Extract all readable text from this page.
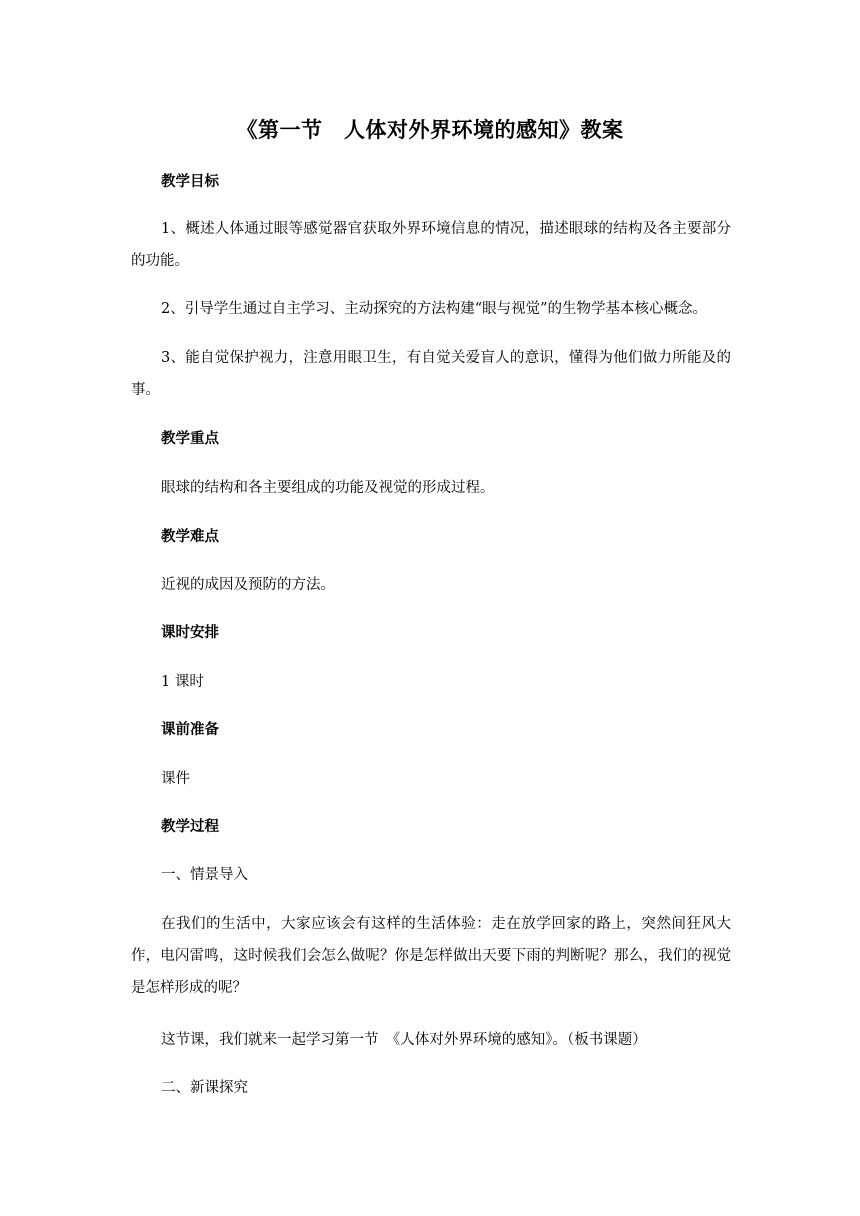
《第一节　人体对外界环境的感知》教案
教学目标
1、概述人体通过眼等感觉器官获取外界环境信息的情况，描述眼球的结构及各主要部分的功能。
2、引导学生通过自主学习、主动探究的方法构建“眼与视觉”的生物学基本核心概念。
3、能自觉保护视力，注意用眼卫生，有自觉关爱盲人的意识，懂得为他们做力所能及的事。
教学重点
眼球的结构和各主要组成的功能及视觉的形成过程。
教学难点
近视的成因及预防的方法。
课时安排
1 课时
课前准备
课件
教学过程
一、情景导入
在我们的生活中，大家应该会有这样的生活体验：走在放学回家的路上，突然间狂风大作，电闪雷鸣，这时候我们会怎么做呢？你是怎样做出天要下雨的判断呢？那么，我们的视觉是怎样形成的呢？
这节课，我们就来一起学习第一节　《人体对外界环境的感知》。（板书课题）
二、新课探究
